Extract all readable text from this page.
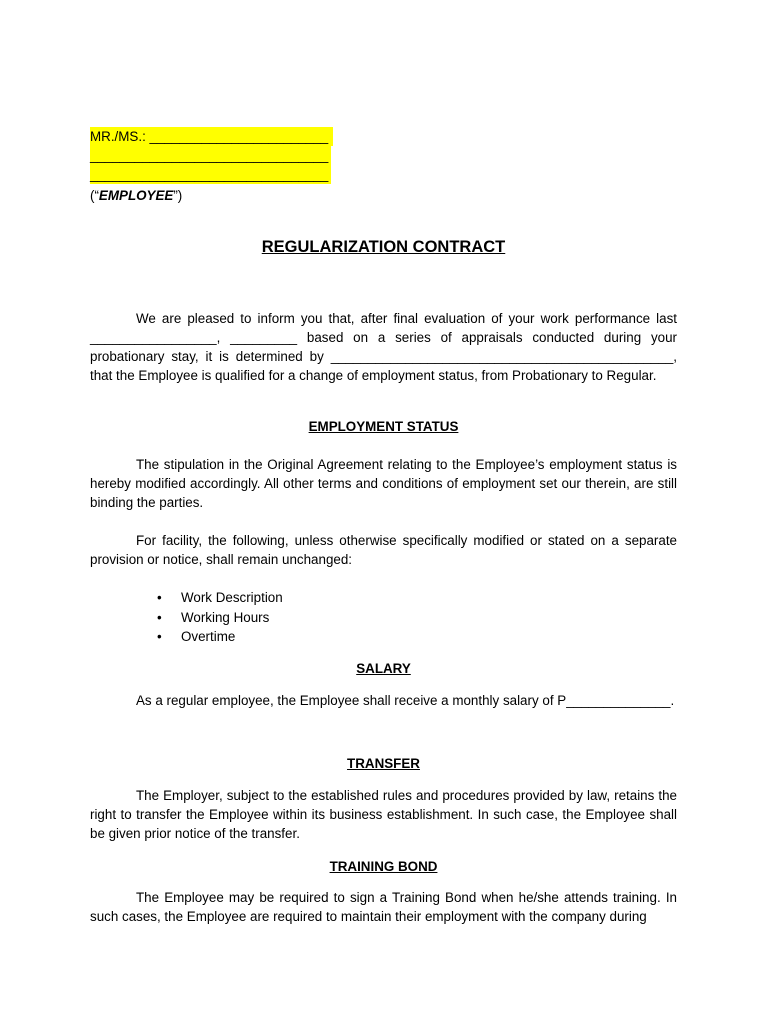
MR./MS.: ________________________
________________________________
________________________________
(“EMPLOYEE”)
REGULARIZATION CONTRACT
We are pleased to inform you that, after final evaluation of your work performance last _________________, _________ based on a series of appraisals conducted during your probationary stay, it is determined by ______________________________________________, that the Employee is qualified for a change of employment status, from Probationary to Regular.
EMPLOYMENT STATUS
The stipulation in the Original Agreement relating to the Employee’s employment status is hereby modified accordingly. All other terms and conditions of employment set our therein, are still binding the parties.
For facility, the following, unless otherwise specifically modified or stated on a separate provision or notice, shall remain unchanged:
• Work Description
• Working Hours
• Overtime
SALARY
As a regular employee, the Employee shall receive a monthly salary of P______________.
TRANSFER
The Employer, subject to the established rules and procedures provided by law, retains the right to transfer the Employee within its business establishment. In such case, the Employee shall be given prior notice of the transfer.
TRAINING BOND
The Employee may be required to sign a Training Bond when he/she attends training. In such cases, the Employee are required to maintain their employment with the company during
